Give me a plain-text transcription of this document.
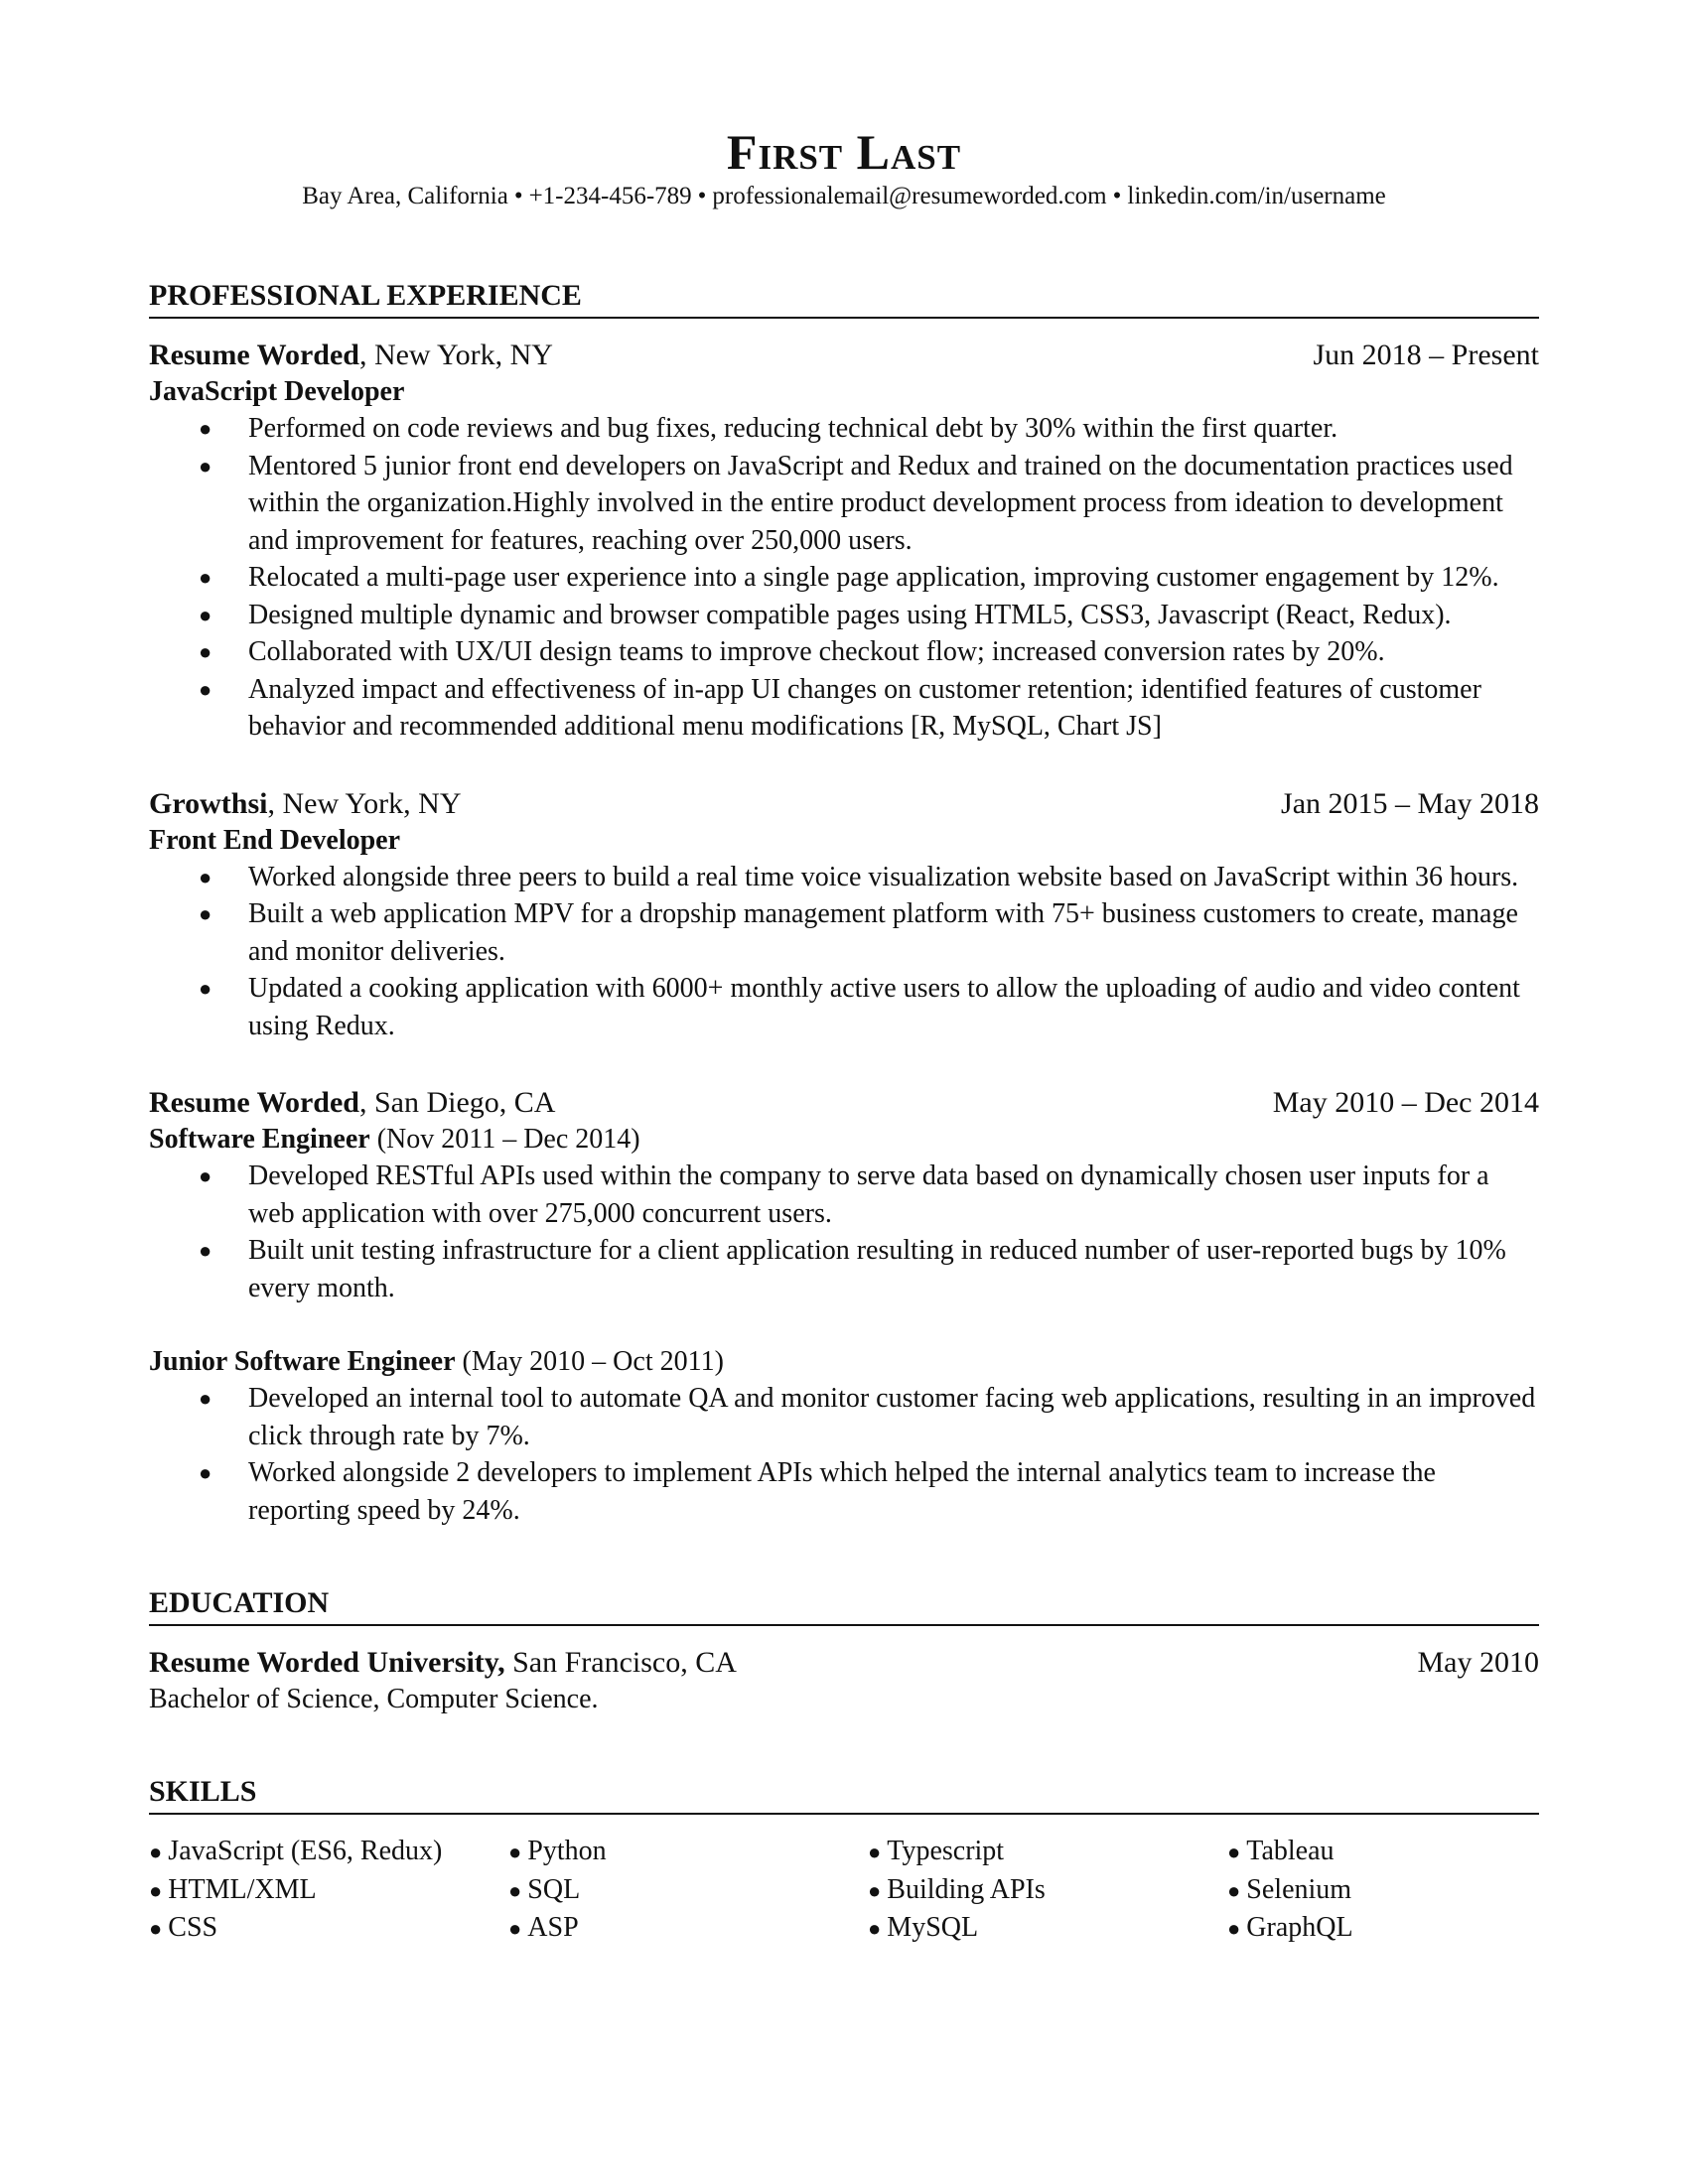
First Last

Bay Area, California • +1-234-456-789 • professionalemail@resumeworded.com • linkedin.com/in/username

PROFESSIONAL EXPERIENCE
Resume Worded, New York, NY	Jun 2018 – Present
JavaScript Developer
● Performed on code reviews and bug fixes, reducing technical debt by 30% within the first quarter.
● Mentored 5 junior front end developers on JavaScript and Redux and trained on the documentation practices used within the organization.Highly involved in the entire product development process from ideation to development and improvement for features, reaching over 250,000 users.
● Relocated a multi-page user experience into a single page application, improving customer engagement by 12%.
● Designed multiple dynamic and browser compatible pages using HTML5, CSS3, Javascript (React, Redux).
● Collaborated with UX/UI design teams to improve checkout flow; increased conversion rates by 20%.
● Analyzed impact and effectiveness of in-app UI changes on customer retention; identified features of customer behavior and recommended additional menu modifications [R, MySQL, Chart JS]
Growthsi, New York, NY	Jan 2015 – May 2018
Front End Developer
● Worked alongside three peers to build a real time voice visualization website based on JavaScript within 36 hours.
● Built a web application MPV for a dropship management platform with 75+ business customers to create, manage and monitor deliveries.
● Updated a cooking application with 6000+ monthly active users to allow the uploading of audio and video content using Redux.
Resume Worded, San Diego, CA	May 2010 – Dec 2014
Software Engineer (Nov 2011 – Dec 2014)
● Developed RESTful APIs used within the company to serve data based on dynamically chosen user inputs for a web application with over 275,000 concurrent users.
● Built unit testing infrastructure for a client application resulting in reduced number of user-reported bugs by 10% every month.
Junior Software Engineer (May 2010 – Oct 2011)
● Developed an internal tool to automate QA and monitor customer facing web applications, resulting in an improved click through rate by 7%.
● Worked alongside 2 developers to implement APIs which helped the internal analytics team to increase the reporting speed by 24%.
EDUCATION
Resume Worded University, San Francisco, CA	May 2010
Bachelor of Science, Computer Science.
SKILLS
● JavaScript (ES6, Redux)	● Python	● Typescript	● Tableau
● HTML/XML	● SQL	● Building APIs	● Selenium
● CSS	● ASP	● MySQL	● GraphQL
